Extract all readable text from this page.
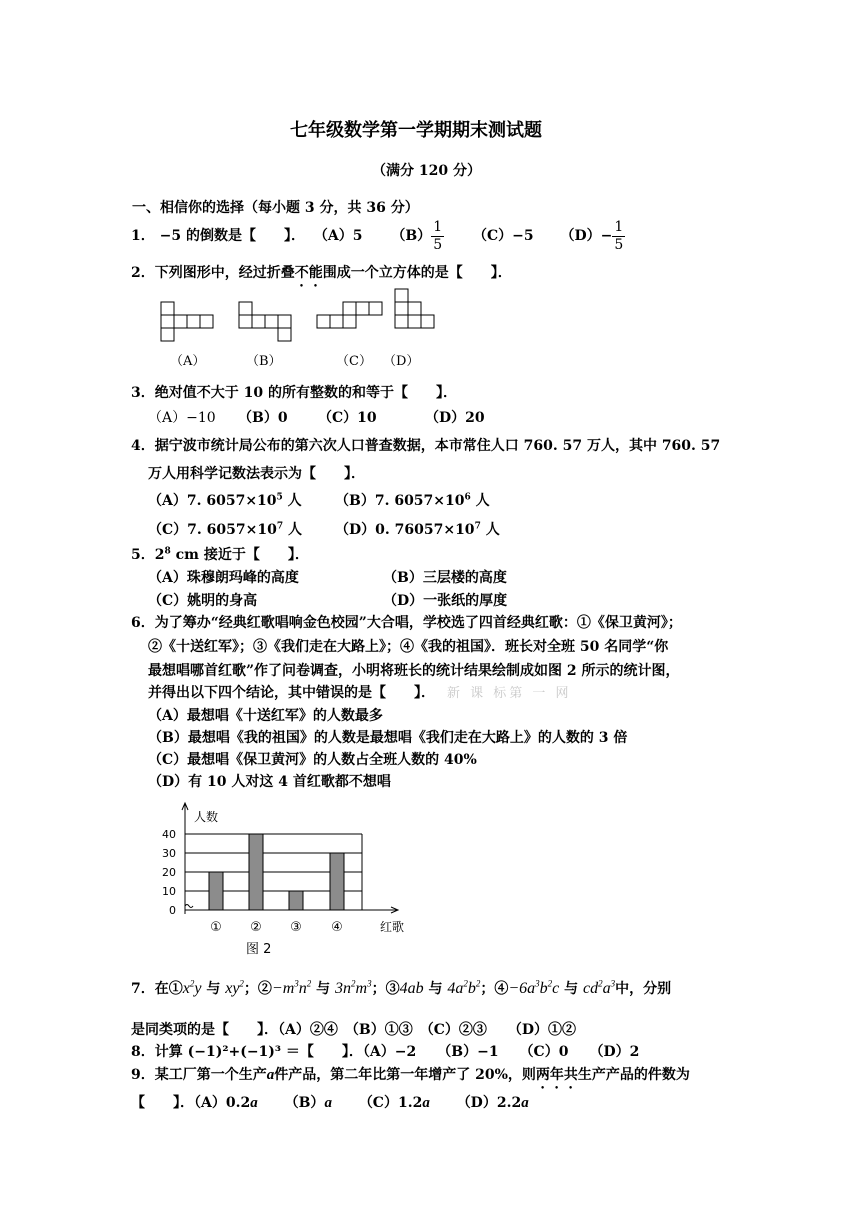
七年级数学第一学期期末测试题
（满分 120 分）
一、相信你的选择（每小题 3 分，共 36 分）
1． −5 的倒数是【　　】． （A）5 $(B) \frac{1}{5} (C)-5$ $(D)- \frac{1}{5}$
2．下列图形中，经过折叠不能围成一个立方体的是【　　】．
（A）	（B）	（C） （D）
3．绝对值不大于 10 的所有整数的和等于【　　】．
（A）−10 （B）0 （C）10	（D）20
4．据宁波市统计局公布的第六次人口普查数据，本市常住人口 760. 57 万人，其中 760. 57
万人用科学记数法表示为【　　】．
（A）7. $6057\times 10^5$ 人 （B）7. $6057\times 10^6$ 人
（C）7. $6057\times 10^7$ 人 （D）0. $76057\times 10^7$ 人
5．$2^8$ cm 接近于【　　】．
（A）珠穆朗玛峰的高度	（B）三层楼的高度
（C）姚明的身高	（D）一张纸的厚度
6．为了筹办“经典红歌唱响金色校园”大合唱，学校选了四首经典红歌：①《保卫黄河》；
②《十送红军》；③《我们走在大路上》；④《我的祖国》．班长对全班 50 名同学“你
最想唱哪首红歌”作了问卷调查，小明将班长的统计结果绘制成如图 2 所示的统计图，
并得出以下四个结论，其中错误的是【　　】． 新 课 标第 一 网
（A）最想唱《十送红军》的人数最多
（B）最想唱《我的祖国》的人数是最想唱《我们走在大路上》的人数的 3 倍
（C）最想唱《保卫黄河》的人数占全班人数的 40%
（D）有 10 人对这 4 首红歌都不想唱
0
10
20
30
40
① ② ③ ④
人数
红歌
图 2
7．在$①x^2y$ 与 $xy^2$；$②-m^3n^2$ 与 $3n^2m^3$；③4ab 与 $4a^2b^2$；$④-6a^3b^2c$ 与 $cd^2a^3$中，分别
是同类项的是【　　】．（A）②④　（B）①③　（C）②③　　（D）①②
8．计算 (−1)²+(−1)³ ＝【　　】．（A）−2　　（B）−1　　（C）0　　（D）2
9．某工厂第一个生产a件产品，第二年比第一年增产了 20%，则两年共生产产品的件数为
【　　】．（A）0.2a （B）a （C）1.2a （D）2.2a
